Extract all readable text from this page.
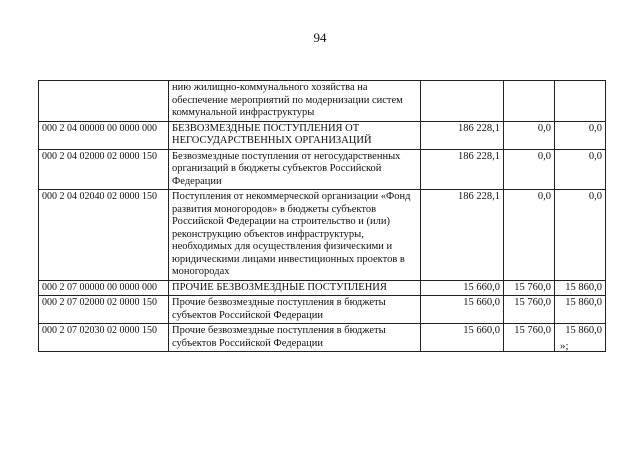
94
	нию жилищно-коммунального хозяйства на обеспечение мероприятий по модернизации систем коммунальной инфраструктуры			
000 2 04 00000 00 0000 000	БЕЗВОЗМЕЗДНЫЕ ПОСТУПЛЕНИЯ ОТ НЕГОСУДАРСТВЕННЫХ ОРГАНИЗАЦИЙ	186 228,1	0,0	0,0
000 2 04 02000 02 0000 150	Безвозмездные поступления от негосударственных организаций в бюджеты субъектов Российской Федерации	186 228,1	0,0	0,0
000 2 04 02040 02 0000 150	Поступления от некоммерческой организации «Фонд развития моногородов» в бюджеты субъектов Российской Федерации на строительство и (или) реконструкцию объектов инфраструктуры, необходимых для осуществления физическими и юридическими лицами инвестиционных проектов в моногородах	186 228,1	0,0	0,0
000 2 07 00000 00 0000 000	ПРОЧИЕ БЕЗВОЗМЕЗДНЫЕ ПОСТУПЛЕНИЯ	15 660,0	15 760,0	15 860,0
000 2 07 02000 02 0000 150	Прочие безвозмездные поступления в бюджеты субъектов Российской Федерации	15 660,0	15 760,0	15 860,0
000 2 07 02030 02 0000 150	Прочие безвозмездные поступления в бюджеты субъектов Российской Федерации	15 660,0	15 760,0	15 860,0
»;
